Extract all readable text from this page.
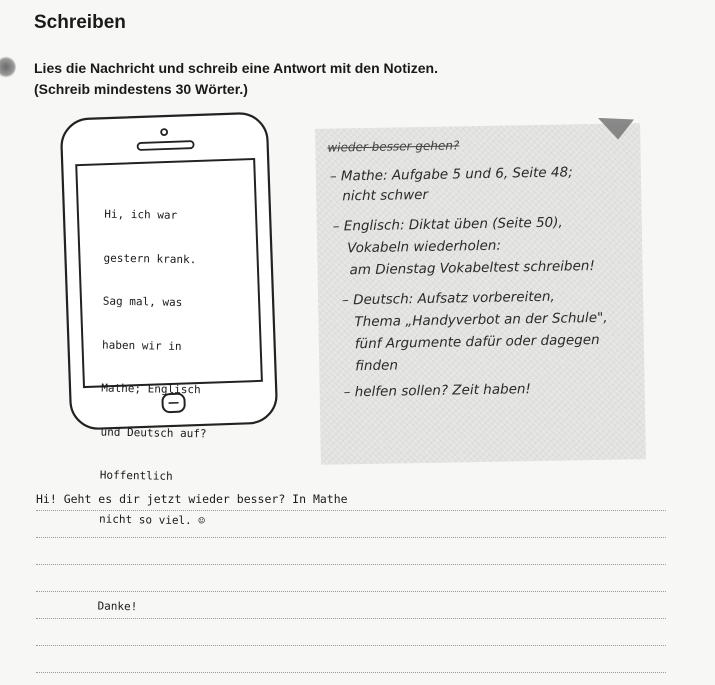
Schreiben
Lies die Nachricht und schreib eine Antwort mit den Notizen.
(Schreib mindestens 30 Wörter.)

Hi, ich war

gestern krank.

Sag mal, was

haben wir in

Mathe; Englisch

und Deutsch auf?

Hoffentlich

nicht so viel. ☺

Danke!

wieder besser gehen?
– Mathe: Aufgabe 5 und 6, Seite 48;
nicht schwer
– Englisch: Diktat üben (Seite 50),
Vokabeln wiederholen:
am Dienstag Vokabeltest schreiben!
– Deutsch: Aufsatz vorbereiten,
Thema „Handyverbot an der Schule",
fünf Argumente dafür oder dagegen
finden
– helfen sollen? Zeit haben!
Hi! Geht es dir jetzt wieder besser? In Mathe
